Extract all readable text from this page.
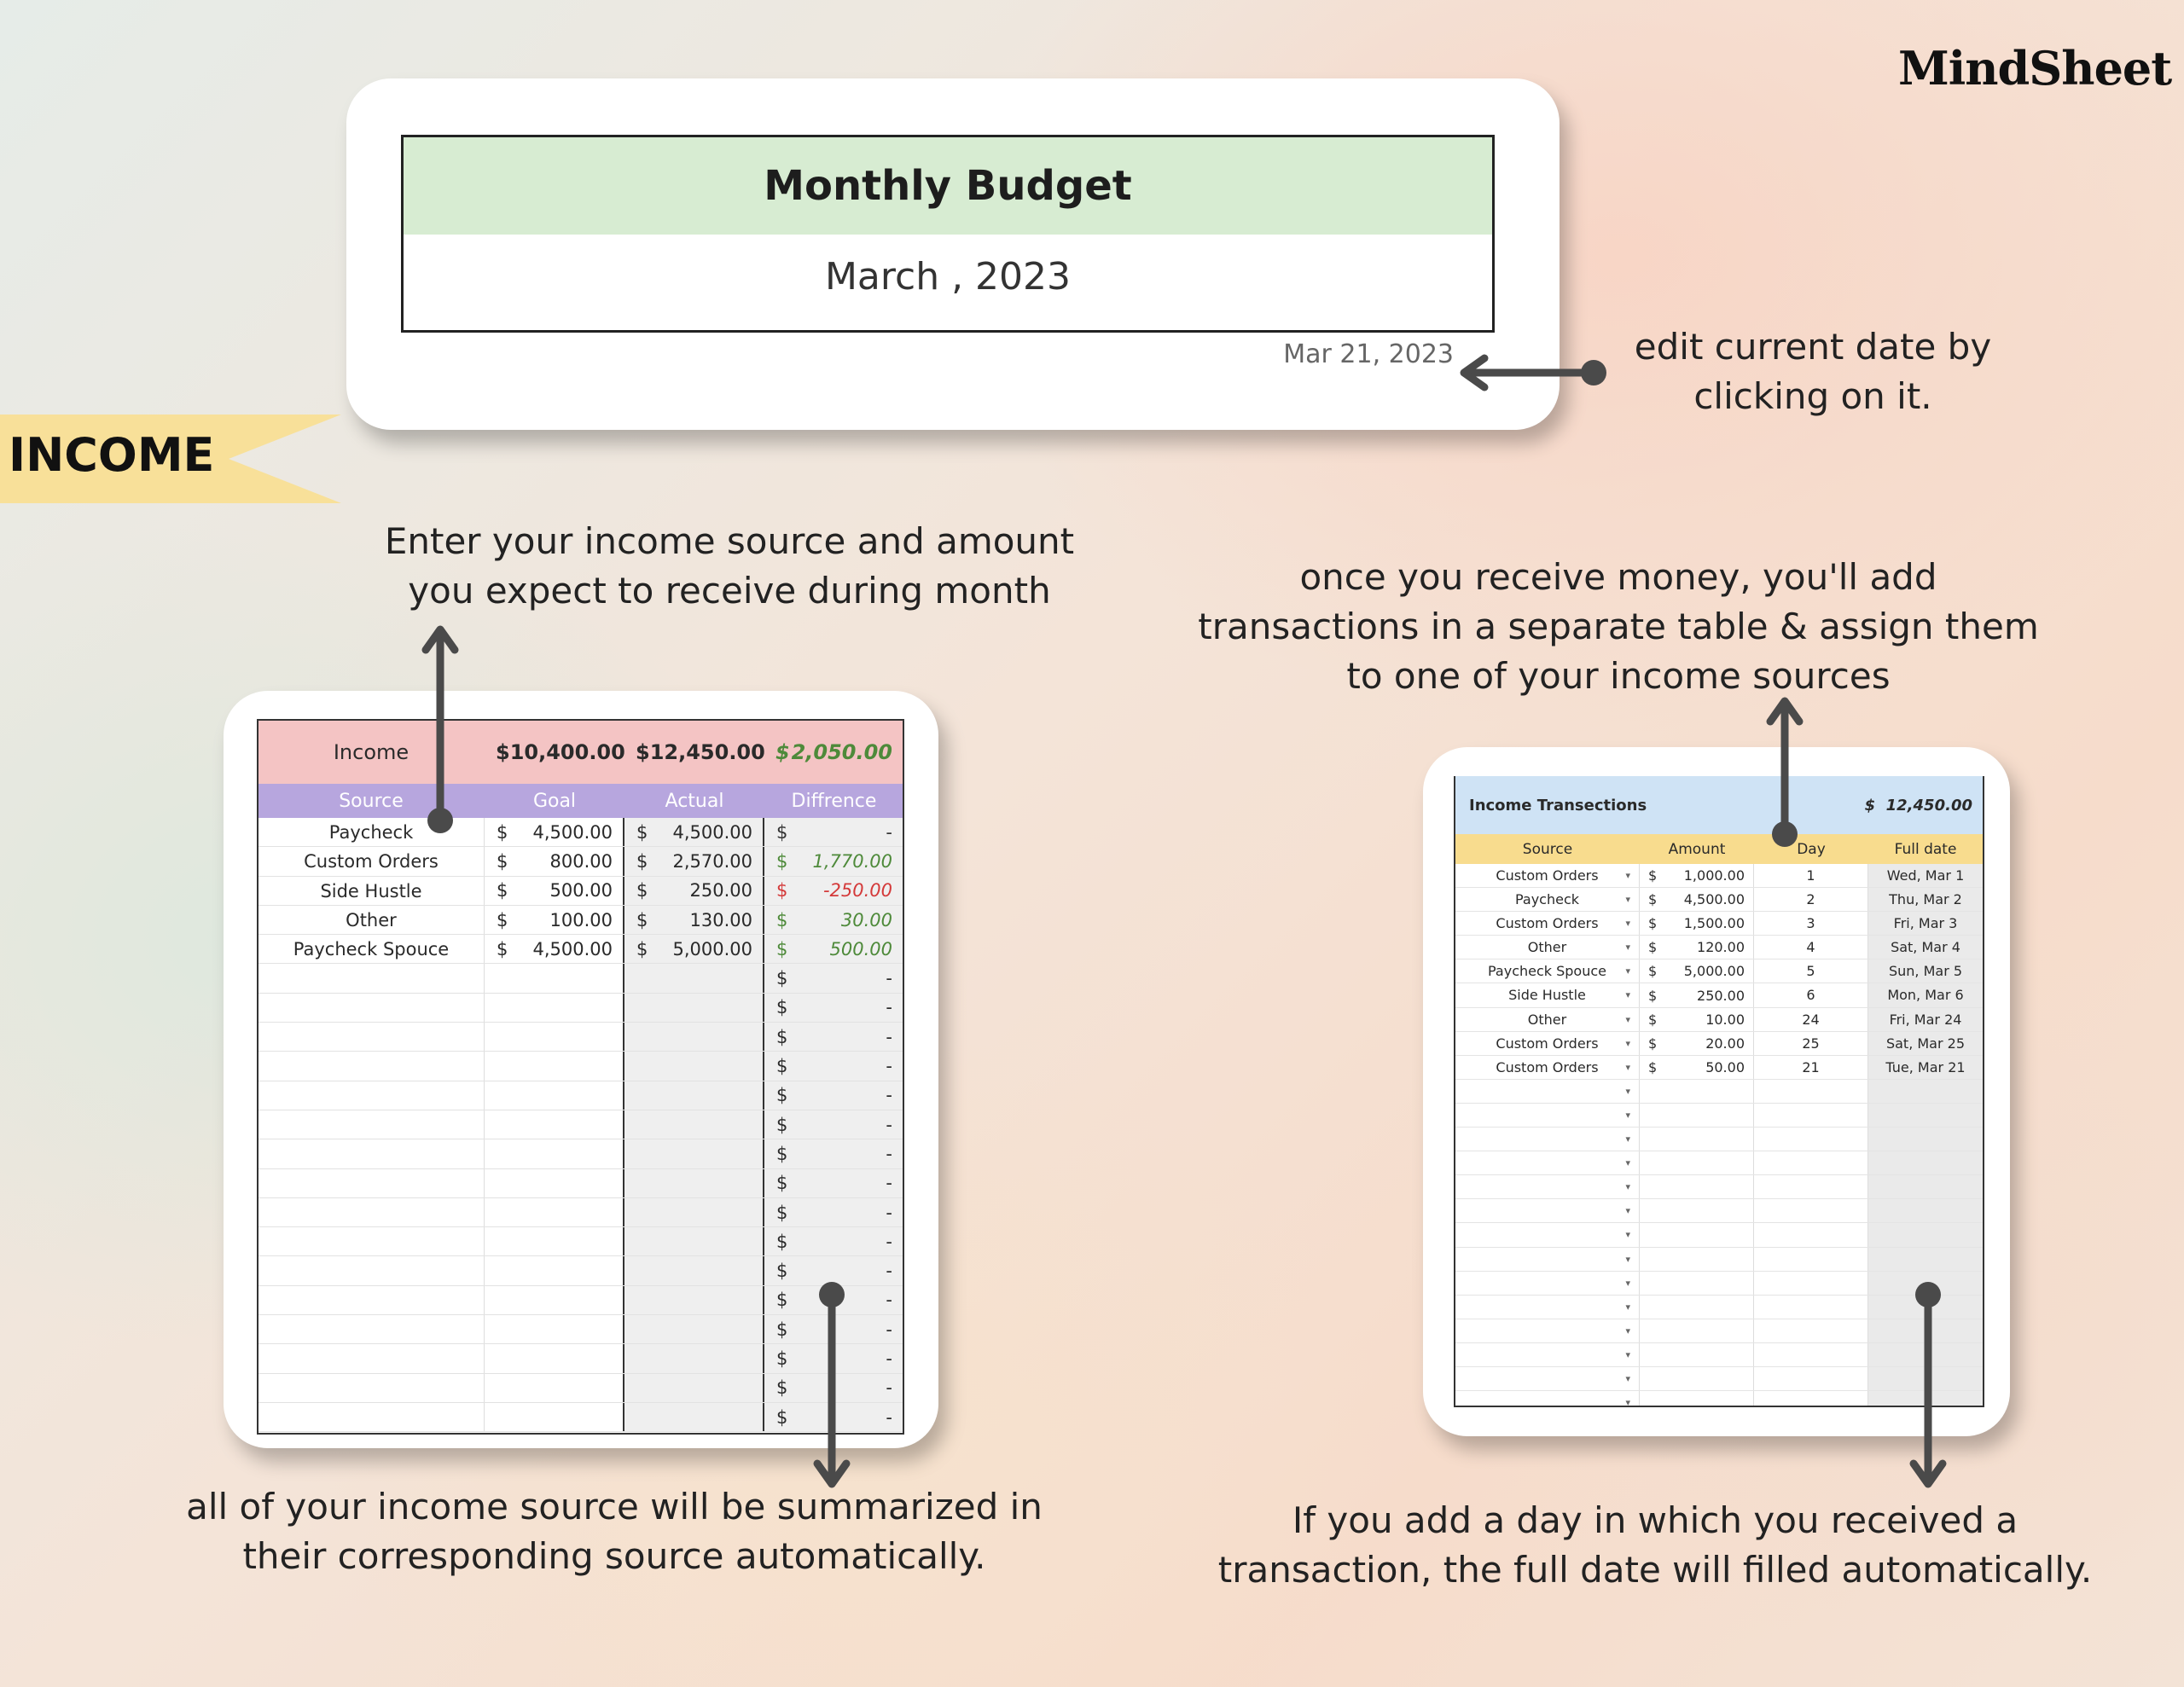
MindSheet
Monthly Budget
March , 2023
Mar 21, 2023	edit current date by
clicking on it.
INCOME
Enter your income source and amount
you expect to receive during month	once you receive money, you'll add
transactions in a separate table & assign them
to one of your income sources
Income	$ 10,400.00 $ 12,450.00 $ 2,050.00
Source	Goal	Actual	Diffrence
Paycheck	$ 4,500.00 $ 4,500.00 $	-
Custom Orders	$ 800.00 $ 2,570.00 $ 1,770.00
Side Hustle	$ 500.00 $ 250.00 $ -250.00
Other	$ 100.00 $ 130.00 $	30.00
Paycheck Spouce	$ 4,500.00 $ 5,000.00 $ 500.00
$	-
$	-
$	-
$	-
$	-
$	-
$	-
$	-
$	-
$	-
$	-
$	-
$	-
$	-
$	-
$	-
Income Transections	$ 12,450.00
Source	Amount	Day	Full date
Custom Orders	▾ $ 1,000.00	1	Wed, Mar 1
Paycheck	▾ $ 4,500.00	2	Thu, Mar 2
Custom Orders	▾ $ 1,500.00	3	Fri, Mar 3
Other	▾ $	120.00	4	Sat, Mar 4
Paycheck Spouce ▾ $ 5,000.00	5	Sun, Mar 5
Side Hustle	▾ $	250.00	6	Mon, Mar 6
Other	▾ $	10.00	24	Fri, Mar 24
Custom Orders	▾ $	20.00	25	Sat, Mar 25
Custom Orders	▾ $	50.00	21	Tue, Mar 21
▾
▾
▾
▾
▾
▾
▾
▾
▾
▾
▾
▾
▾
▾
all of your income source will be summarized in
their corresponding source automatically.
If you add a day in which you received a
transaction, the full date will filled automatically.
